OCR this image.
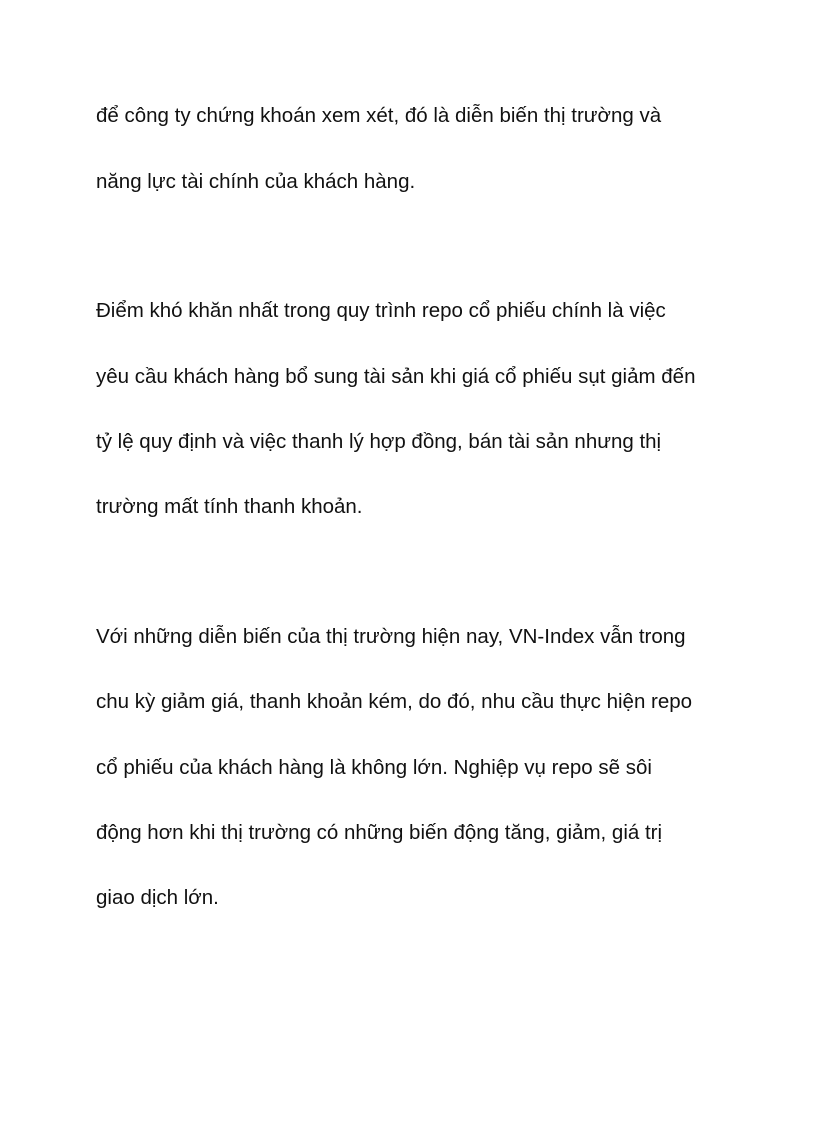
để công ty chứng khoán xem xét, đó là diễn biến thị trường và

năng lực tài chính của khách hàng.

Điểm khó khăn nhất trong quy trình repo cổ phiếu chính là việc

yêu cầu khách hàng bổ sung tài sản khi giá cổ phiếu sụt giảm đến

tỷ lệ quy định và việc thanh lý hợp đồng, bán tài sản nhưng thị

trường mất tính thanh khoản.

Với những diễn biến của thị trường hiện nay, VN-Index vẫn trong

chu kỳ giảm giá, thanh khoản kém, do đó, nhu cầu thực hiện repo

cổ phiếu của khách hàng là không lớn. Nghiệp vụ repo sẽ sôi

động hơn khi thị trường có những biến động tăng, giảm, giá trị

giao dịch lớn.
